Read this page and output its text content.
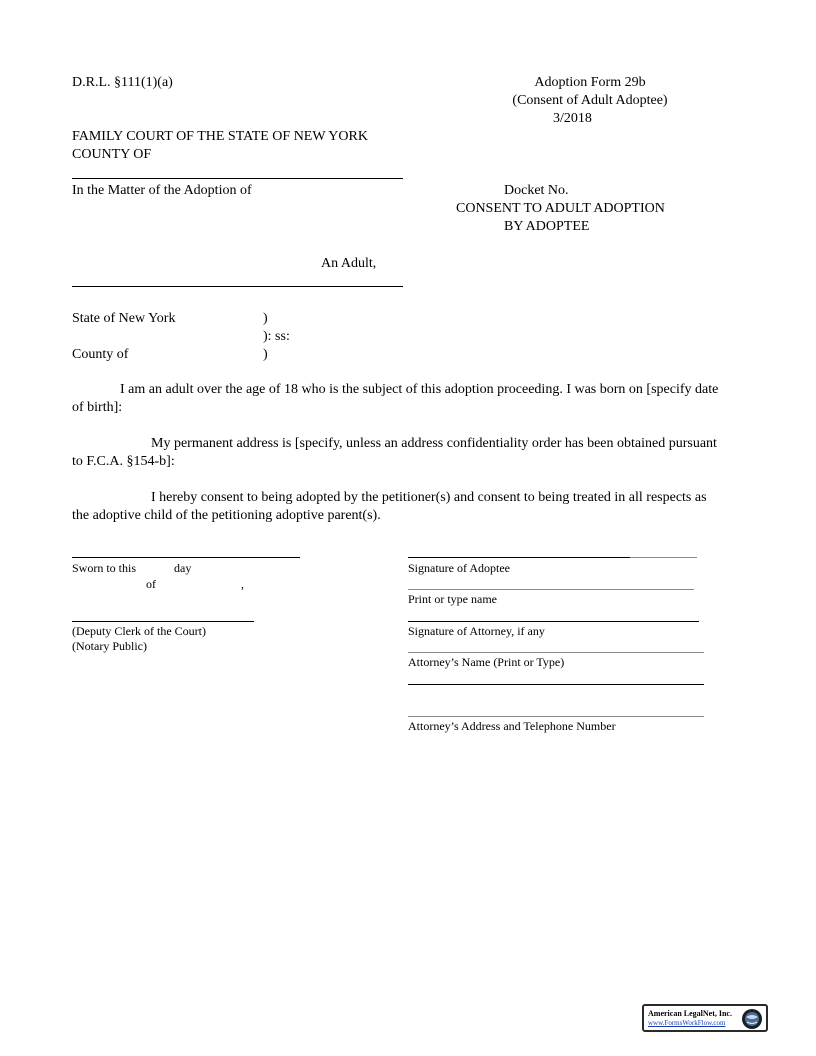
D.R.L. §111(1)(a)	Adoption Form 29b
(Consent of Adult Adoptee)
3/2018
FAMILY COURT OF THE STATE OF NEW YORK
COUNTY OF
In the Matter of the Adoption of	Docket No.
CONSENT TO ADULT ADOPTION
BY ADOPTEE
An Adult,
State of New York	)
): ss:
County of	)
I am an adult over the age of 18 who is the subject of this adoption proceeding. I was born on [specify date of birth]:
My permanent address is [specify, unless an address confidentiality order has been obtained pursuant to F.C.A. §154-b]:
I hereby consent to being adopted by the petitioner(s) and consent to being treated in all respects as the adoptive child of the petitioning adoptive parent(s).
Sworn to this	day
of	,
(Deputy Clerk of the Court)
(Notary Public)
Signature of Adoptee
Print or type name
Signature of Attorney, if any
Attorney’s Name (Print or Type)
Attorney’s Address and Telephone Number
American LegalNet, Inc.
www.FormsWorkFlow.com
